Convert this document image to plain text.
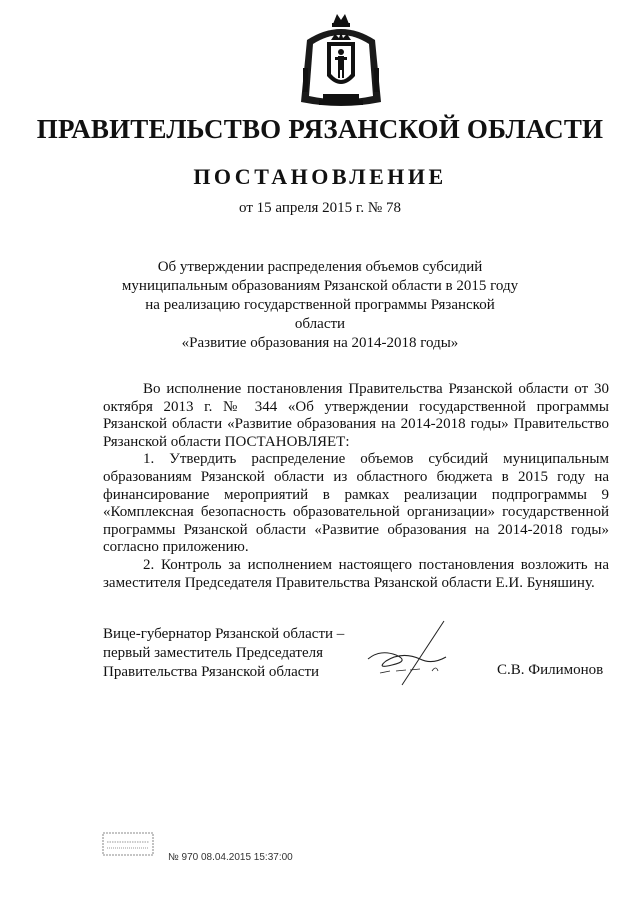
ПРАВИТЕЛЬСТВО РЯЗАНСКОЙ ОБЛАСТИ
ПОСТАНОВЛЕНИЕ
от 15 апреля 2015 г. № 78
Об утверждении распределения объемов субсидий
муниципальным образованиям Рязанской области в 2015 году
на реализацию государственной программы Рязанской области
«Развитие образования на 2014-2018 годы»

Во исполнение постановления Правительства Рязанской области от 30 октября 2013 г. № 344 «Об утверждении государственной программы Рязанской области «Развитие образования на 2014-2018 годы» Правительство Рязанской области ПОСТАНОВЛЯЕТ:

1. Утвердить распределение объемов субсидий муниципальным образованиям Рязанской области из областного бюджета в 2015 году на финансирование мероприятий в рамках реализации подпрограммы 9 «Комплексная безопасность образовательной организации» государственной программы Рязанской области «Развитие образования на 2014-2018 годы» согласно приложению.

2. Контроль за исполнением настоящего постановления возложить на заместителя Председателя Правительства Рязанской области Е.И. Буняшину.

Вице-губернатор Рязанской области –
первый заместитель Председателя
Правительства Рязанской области	С.В. Филимонов
№ 970 08.04.2015 15:37:00
